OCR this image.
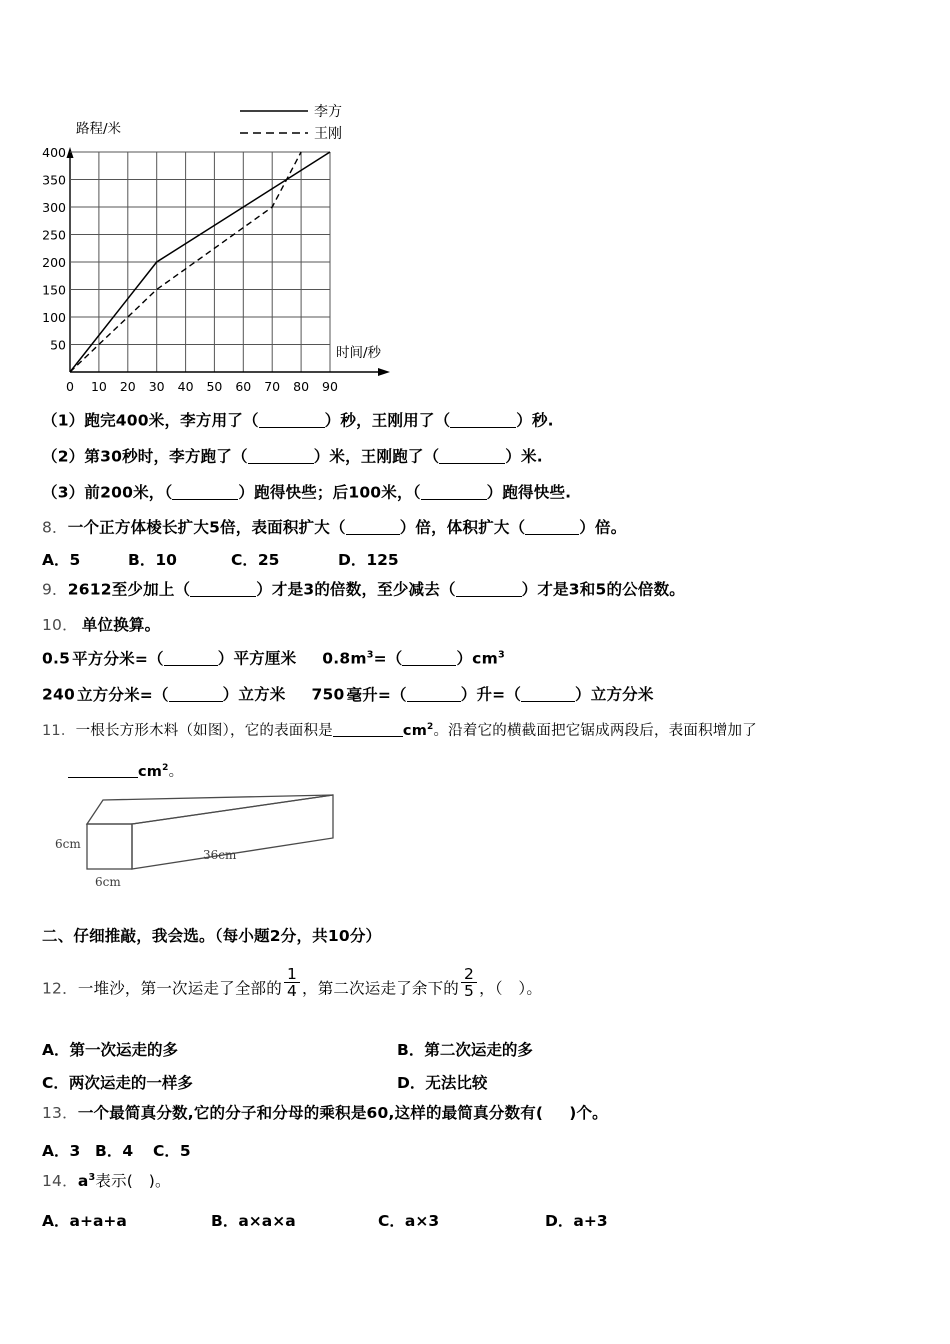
李方
王刚
路程/米
400
350
300
250
200
150
100
50	时间/秒
0 10 20 30 40 50 60 70 80 90
（1）跑完400米，李方用了（	）秒，王刚用了（	）秒.
（2）第30秒时，李方跑了（	）米，王刚跑了（	）米.
（3）前200米，（	）跑得快些；后100米，（	）跑得快些.
8．一个正方体棱长扩大5倍，表面积扩大（	）倍，体积扩大（	）倍。
A．5	B．10	C．25	D．125
9．2612至少加上（	）才是3的倍数，至少减去（	）才是3和5的公倍数。
10． 单位换算。
0.5 平方分米=（	）平方厘米 $0.8m^3=$（	）$cm^3$
240 立方分米=（	）立方米 750 毫升=（	）升=（	）立方分米
11．一根长方形木料（如图），它的表面积是	$cm^2$。沿着它的横截面把它锯成两段后，表面积增加了
$cm^2$。
6cm
6cm
36cm
二、仔细推敲，我会选。（每小题2分，共10分）
12．一堆沙，第一次运走了全部的 $\frac{1}{4}$ ，第二次运走了余下的 $\frac{2}{5}$ ，（　）。
A．第一次运走的多	B．第二次运走的多
C．两次运走的一样多	D．无法比较
13．一个最简真分数,它的分子和分母的乘积是60,这样的最简真分数有( )个。
A．3 B．4 C．5
14．$a^3$表示(　)。
A．a+a+a	B．a×a×a	C．a×3	D．a+3
